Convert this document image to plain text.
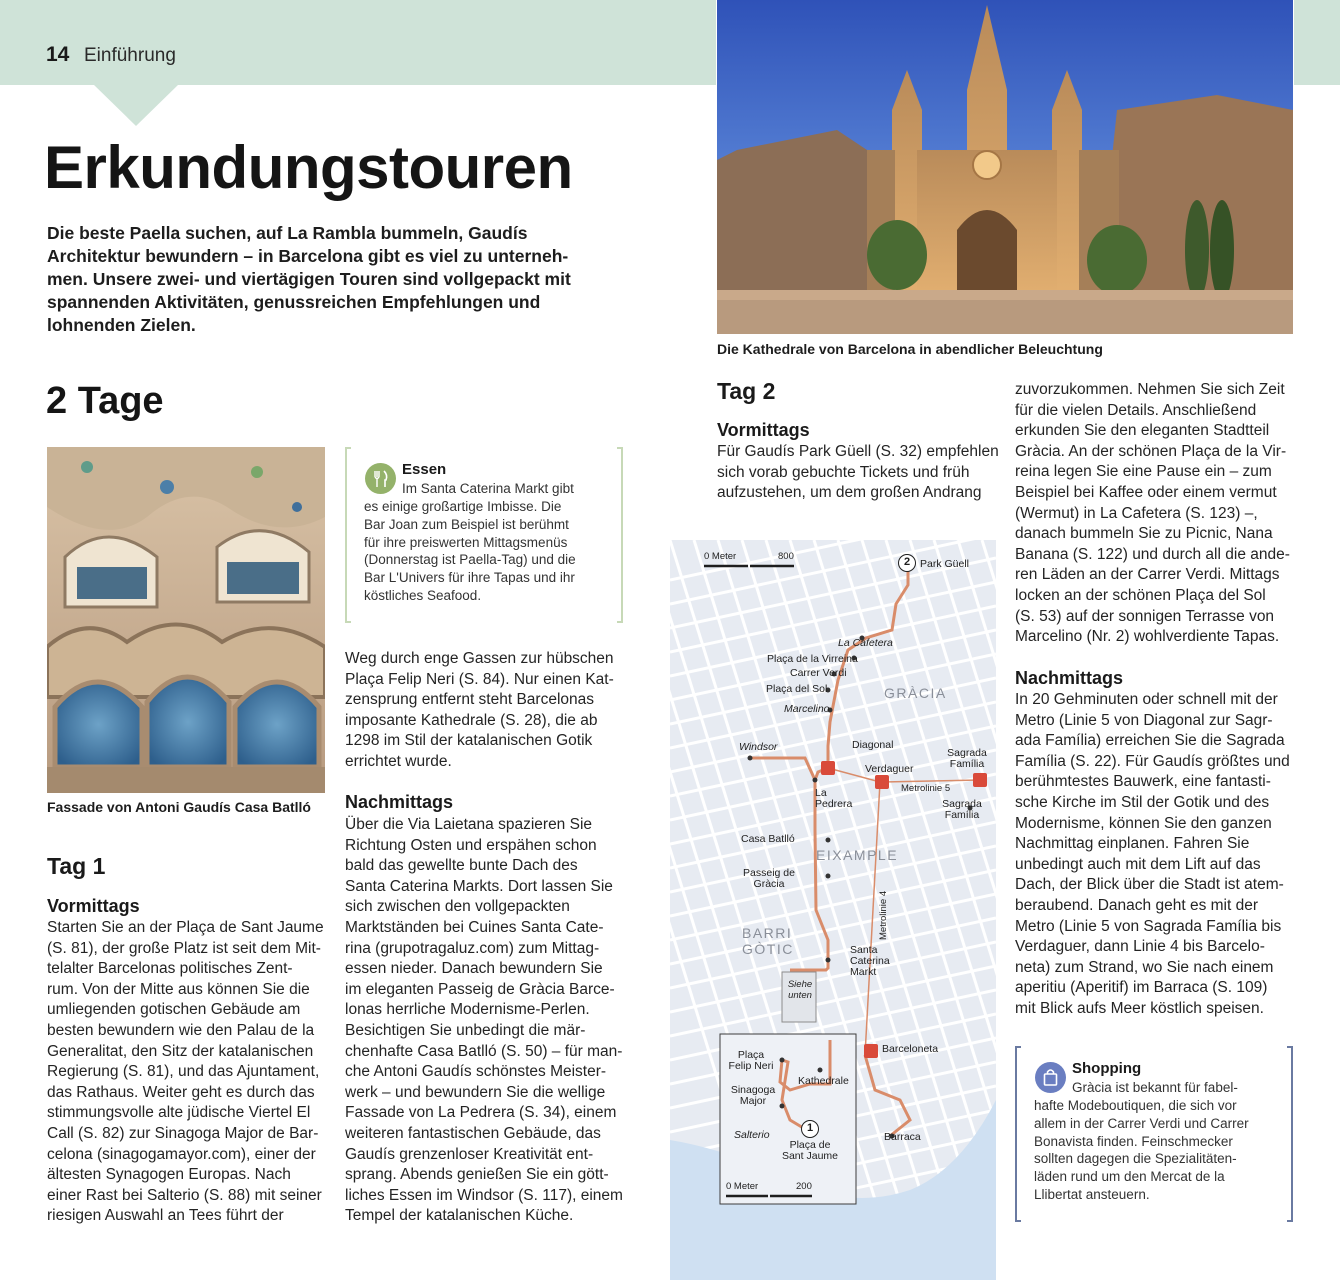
14 Einführung
Erkundungstouren

Die beste Paella suchen, auf La Rambla bummeln, Gaudís

Architektur bewundern – in Barcelona gibt es viel zu unterneh-

men. Unsere zwei- und viertägigen Touren sind vollgepackt mit

spannenden Aktivitäten, genussreichen Empfehlungen und

lohnenden Zielen.

2 Tage
Fassade von Antoni Gaudís Casa Batlló
Essen

Im Santa Caterina Markt gibt

es einige großartige Imbisse. Die

Bar Joan zum Beispiel ist berühmt

für ihre preiswerten Mittagsmenüs

(Donnerstag ist Paella-Tag) und die

Bar L'Univers für ihre Tapas und ihr

köstliches Seafood.

Weg durch enge Gassen zur hübschen

Plaça Felip Neri (S. 84). Nur einen Kat-

zensprung entfernt steht Barcelonas

imposante Kathedrale (S. 28), die ab

1298 im Stil der katalanischen Gotik

errichtet wurde.

Nachmittags

Über die Via Laietana spazieren Sie

Richtung Osten und erspähen schon

bald das gewellte bunte Dach des

Santa Caterina Markts. Dort lassen Sie

sich zwischen den vollgepackten

Marktständen bei Cuines Santa Cate-

rina (grupotragaluz.com) zum Mittag-

essen nieder. Danach bewundern Sie

im eleganten Passeig de Gràcia Barce-

lonas herrliche Modernisme-Perlen.

Besichtigen Sie unbedingt die mär-

chenhafte Casa Batlló (S. 50) – für man-

che Antoni Gaudís schönstes Meister-

werk – und bewundern Sie die wellige

Fassade von La Pedrera (S. 34), einem

weiteren fantastischen Gebäude, das

Gaudís grenzenloser Kreativität ent-

sprang. Abends genießen Sie ein gött-

liches Essen im Windsor (S. 117), einem

Tempel der katalanischen Küche.

Tag 1
Vormittags

Starten Sie an der Plaça de Sant Jaume

(S. 81), der große Platz ist seit dem Mit-

telalter Barcelonas politisches Zent-

rum. Von der Mitte aus können Sie die

umliegenden gotischen Gebäude am

besten bewundern wie den Palau de la

Generalitat, den Sitz der katalanischen

Regierung (S. 81), und das Ajuntament,

das Rathaus. Weiter geht es durch das

stimmungsvolle alte jüdische Viertel El

Call (S. 82) zur Sinagoga Major de Bar-

celona (sinagogamayor.com), einer der

ältesten Synagogen Europas. Nach

einer Rast bei Salterio (S. 88) mit seiner

riesigen Auswahl an Tees führt der

Die Kathedrale von Barcelona in abendlicher Beleuchtung
Tag 2
Vormittags

Für Gaudís Park Güell (S. 32) empfehlen

sich vorab gebuchte Tickets und früh

aufzustehen, um dem großen Andrang

zuvorzukommen. Nehmen Sie sich Zeit

für die vielen Details. Anschließend

erkunden Sie den eleganten Stadtteil

Gràcia. An der schönen Plaça de la Vir-

reina legen Sie eine Pause ein – zum

Beispiel bei Kaffee oder einem vermut

(Wermut) in La Cafetera (S. 123) –,

danach bummeln Sie zu Picnic, Nana

Banana (S. 122) und durch all die ande-

ren Läden an der Carrer Verdi. Mittags

locken an der schönen Plaça del Sol

(S. 53) auf der sonnigen Terrasse von

Marcelino (Nr. 2) wohlverdiente Tapas.

Nachmittags

In 20 Gehminuten oder schnell mit der

Metro (Linie 5 von Diagonal zur Sagr-

ada Família) erreichen Sie die Sagrada

Família (S. 22). Für Gaudís größtes und

berühmtestes Bauwerk, eine fantasti-

sche Kirche im Stil der Gotik und des

Modernisme, können Sie den ganzen

Nachmittag einplanen. Fahren Sie

unbedingt auch mit dem Lift auf das

Dach, der Blick über die Stadt ist atem-

beraubend. Danach geht es mit der

Metro (Linie 5 von Sagrada Família bis

Verdaguer, dann Linie 4 bis Barcelo-

neta) zum Strand, wo Sie nach einem

aperitiu (Aperitif) im Barraca (S. 109)

mit Blick aufs Meer köstlich speisen.

Shopping

Gràcia ist bekannt für fabel-

hafte Modeboutiquen, die sich vor

allem in der Carrer Verdi und Carrer

Bonavista finden. Feinschmecker

sollten dagegen die Spezialitäten-

läden rund um den Mercat de la

Llibertat ansteuern.

0 Meter	800
0 Meter	200
GRÀCIA
EIXAMPLE
BARRI
GÒTIC
2
1
Park Güell
La Cafetera
Plaça de la Virreina
Carrer Verdi
Plaça del Sol
Marcelino
Windsor	Diagonal
Verdaguer
Metrolinie 5
Sagrada
Família
Sagrada
Família
La
Pedrera
Casa Batlló
Passeig de
Gràcia
Metrolinie 4
Santa
Caterina
Markt
Siehe
unten
Barceloneta
Barraca
Plaça
Felip Neri
Kathedrale
Sinagoga
Major
Salterio
Plaça de
Sant Jaume
